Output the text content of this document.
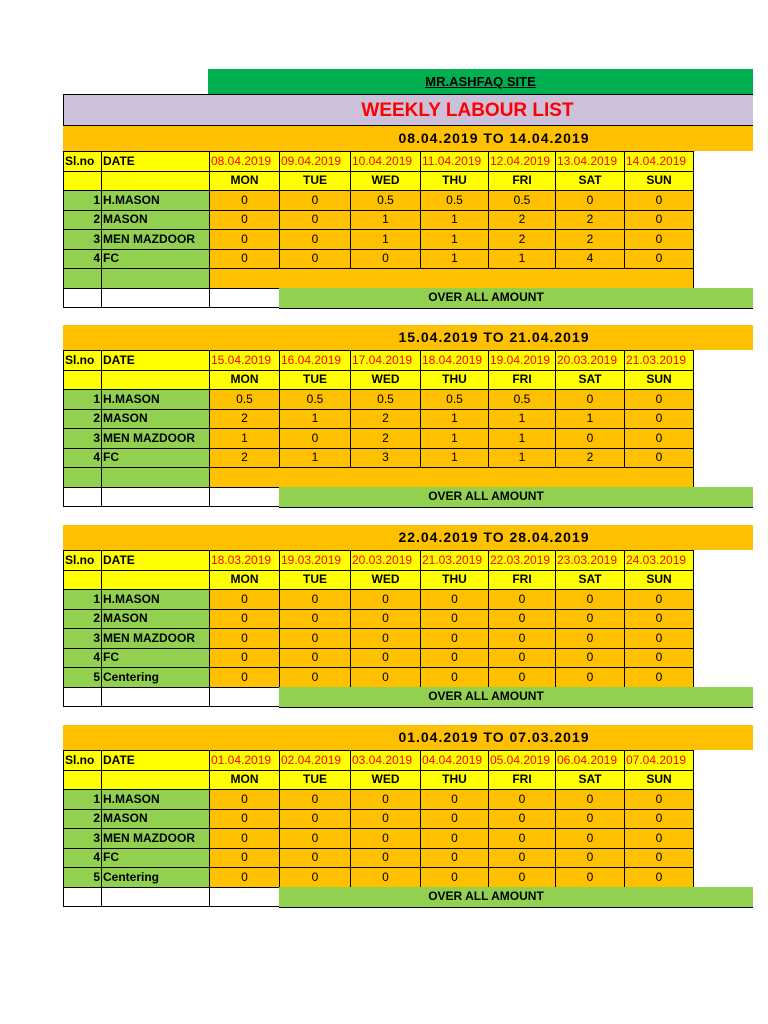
MR.ASHFAQ SITE
WEEKLY LABOUR LIST
08.04.2019 TO 14.04.2019
Sl.no	DATE	08.04.2019	09.04.2019	10.04.2019	11.04.2019	12.04.2019	13.04.2019	14.04.2019
		MON	TUE	WED	THU	FRI	SAT	SUN
1	H.MASON	0	0	0.5	0.5	0.5	0	0
2	MASON	0	0	1	1	2	2	0
3	MEN MAZDOOR	0	0	1	1	2	2	0
4	FC	0	0	0	1	1	4	0

OVER ALL AMOUNT
15.04.2019 TO 21.04.2019
Sl.no	DATE	15.04.2019	16.04.2019	17.04.2019	18.04.2019	19.04.2019	20.03.2019	21.03.2019
		MON	TUE	WED	THU	FRI	SAT	SUN
1	H.MASON	0.5	0.5	0.5	0.5	0.5	0	0
2	MASON	2	1	2	1	1	1	0
3	MEN MAZDOOR	1	0	2	1	1	0	0
4	FC	2	1	3	1	1	2	0

OVER ALL AMOUNT
22.04.2019 TO 28.04.2019
Sl.no	DATE	18.03.2019	19.03.2019	20.03.2019	21.03.2019	22.03.2019	23.03.2019	24.03.2019
		MON	TUE	WED	THU	FRI	SAT	SUN
1	H.MASON	0	0	0	0	0	0	0
2	MASON	0	0	0	0	0	0	0
3	MEN MAZDOOR	0	0	0	0	0	0	0
4	FC	0	0	0	0	0	0	0
5	Centering	0	0	0	0	0	0	0

OVER ALL AMOUNT
01.04.2019 TO 07.03.2019
Sl.no	DATE	01.04.2019	02.04.2019	03.04.2019	04.04.2019	05.04.2019	06.04.2019	07.04.2019
		MON	TUE	WED	THU	FRI	SAT	SUN
1	H.MASON	0	0	0	0	0	0	0
2	MASON	0	0	0	0	0	0	0
3	MEN MAZDOOR	0	0	0	0	0	0	0
4	FC	0	0	0	0	0	0	0
5	Centering	0	0	0	0	0	0	0

OVER ALL AMOUNT
